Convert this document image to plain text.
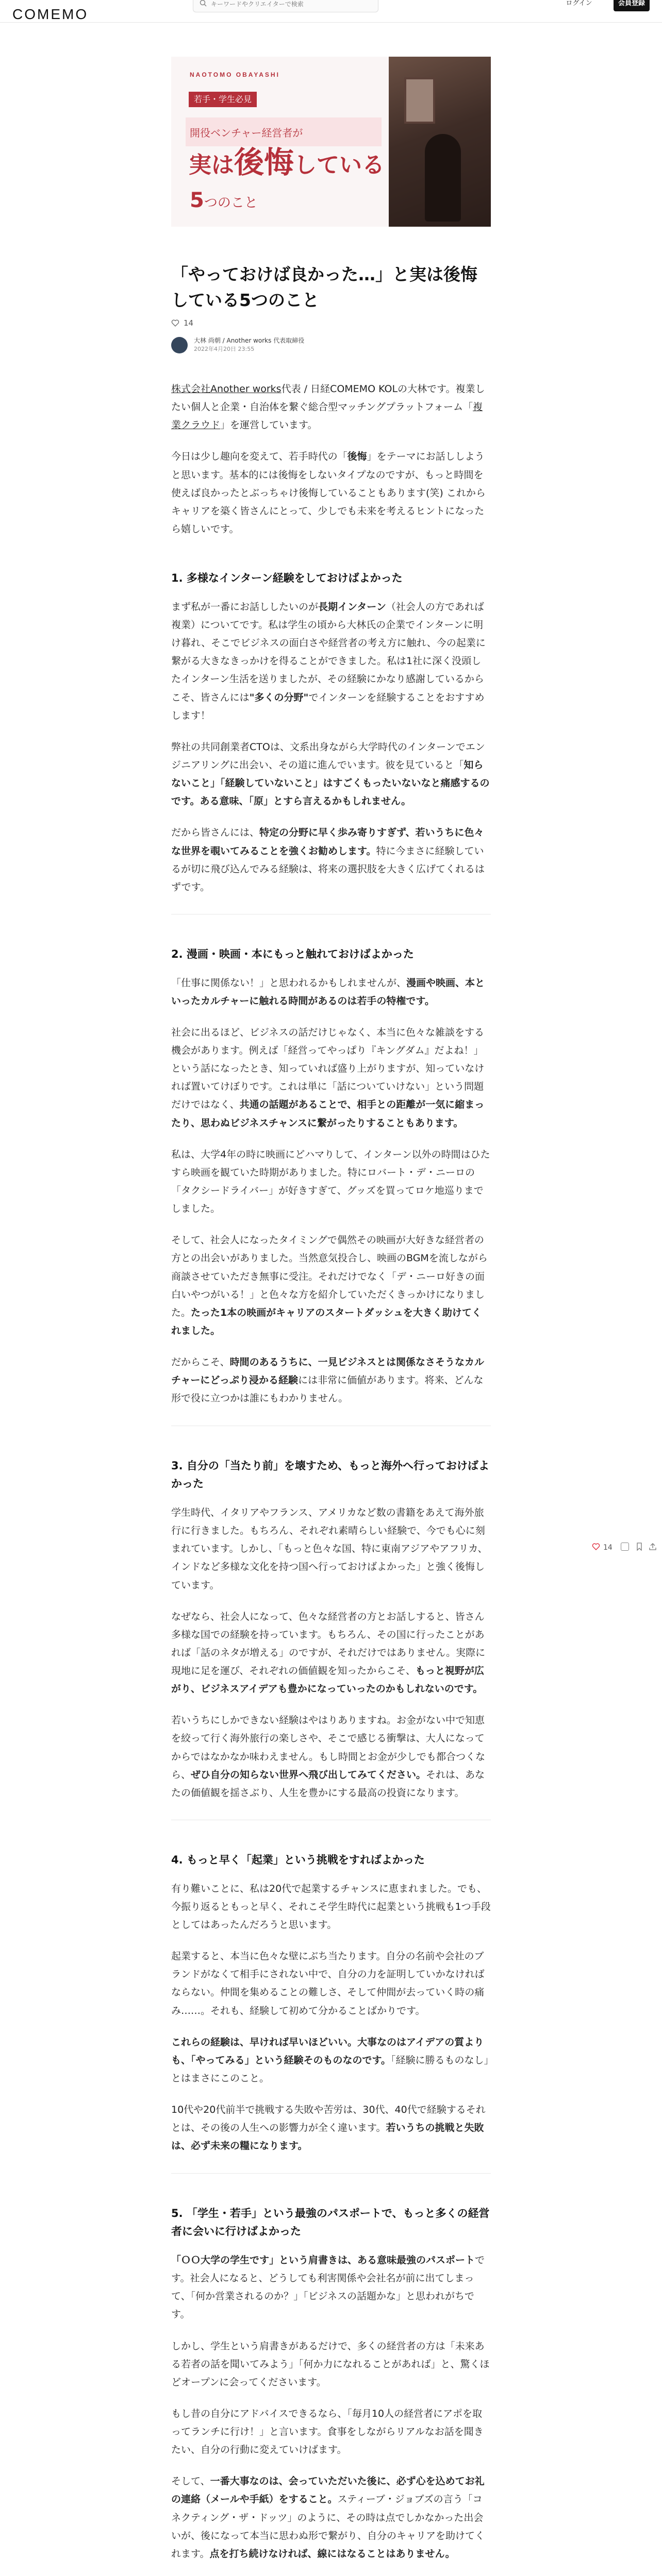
COMEMO
キーワードやクリエイターで検索
ログイン	会員登録
NAOTOMO OBAYASHI
若手・学生必見
開役ベンチャー経営者が
実は後悔している
5つのこと
「やっておけば良かった…」と実は後悔している5つのこと
14
大林 尚朝 / Another works 代表取締役
2022年4月20日 23:55

株式会社Another works代表 / 日経COMEMO KOLの大林です。複業したい個人と企業・自治体を繋ぐ総合型マッチングプラットフォーム「複業クラウド」を運営しています。

今日は少し趣向を変えて、若手時代の「後悔」をテーマにお話ししようと思います。基本的には後悔をしないタイプなのですが、もっと時間を使えば良かったとぶっちゃけ後悔していることもあります(笑) これからキャリアを築く皆さんにとって、少しでも未来を考えるヒントになったら嬉しいです。

1. 多様なインターン経験をしておけばよかった

まず私が一番にお話ししたいのが長期インターン（社会人の方であれば複業）についてです。私は学生の頃から大林氏の企業でインターンに明け暮れ、そこでビジネスの面白さや経営者の考え方に触れ、今の起業に繋がる大きなきっかけを得ることができました。私は1社に深く没頭したインターン生活を送りましたが、その経験にかなり感謝しているからこそ、皆さんには"多くの分野"でインターンを経験することをおすすめします！

弊社の共同創業者CTOは、文系出身ながら大学時代のインターンでエンジニアリングに出会い、その道に進んでいます。彼を見ていると「知らないこと」「経験していないこと」はすごくもったいないなと痛感するのです。ある意味、「原」とすら言えるかもしれません。

だから皆さんには、特定の分野に早く歩み寄りすぎず、若いうちに色々な世界を覗いてみることを強くお勧めします。特に今まさに経験しているが切に飛び込んでみる経験は、将来の選択肢を大きく広げてくれるはずです。

2. 漫画・映画・本にもっと触れておけばよかった

「仕事に関係ない！」と思われるかもしれませんが、漫画や映画、本といったカルチャーに触れる時間があるのは若手の特権です。

社会に出るほど、ビジネスの話だけじゃなく、本当に色々な雑談をする機会があります。例えば「経営ってやっぱり『キングダム』だよね！」という話になったとき、知っていれば盛り上がりますが、知っていなければ置いてけぼりです。これは単に「話についていけない」という問題だけではなく、共通の話題があることで、相手との距離が一気に縮まったり、思わぬビジネスチャンスに繋がったりすることもあります。

私は、大学4年の時に映画にどハマりして、インターン以外の時間はひたすら映画を観ていた時期がありました。特にロバート・デ・ニーロの「タクシードライバー」が好きすぎて、グッズを買ってロケ地巡りまでしました。

そして、社会人になったタイミングで偶然その映画が大好きな経営者の方との出会いがありました。当然意気投合し、映画のBGMを流しながら商談させていただき無事に受注。それだけでなく「デ・ニーロ好きの面白いやつがいる！」と色々な方を紹介していただくきっかけになりました。たった1本の映画がキャリアのスタートダッシュを大きく助けてくれました。

だからこそ、時間のあるうちに、一見ビジネスとは関係なさそうなカルチャーにどっぷり浸かる経験には非常に価値があります。将来、どんな形で役に立つかは誰にもわかりません。

3. 自分の「当たり前」を壊すため、もっと海外へ行っておけばよかった

学生時代、イタリアやフランス、アメリカなど数の書籍をあえて海外旅行に行きました。もちろん、それぞれ素晴らしい経験で、今でも心に刻まれています。しかし、「もっと色々な国、特に東南アジアやアフリカ、インドなど多様な文化を持つ国へ行っておけばよかった」と強く後悔しています。

なぜなら、社会人になって、色々な経営者の方とお話しすると、皆さん多様な国での経験を持っています。もちろん、その国に行ったことがあれば「話のネタが増える」のですが、それだけではありません。実際に現地に足を運び、それぞれの価値観を知ったからこそ、もっと視野が広がり、ビジネスアイデアも豊かになっていったのかもしれないのです。

若いうちにしかできない経験はやはりありますね。お金がない中で知恵を絞って行く海外旅行の楽しさや、そこで感じる衝撃は、大人になってからではなかなか味わえません。もし時間とお金が少しでも都合つくなら、ぜひ自分の知らない世界へ飛び出してみてください。それは、あなたの価値観を揺さぶり、人生を豊かにする最高の投資になります。

4. もっと早く「起業」という挑戦をすればよかった

有り難いことに、私は20代で起業するチャンスに恵まれました。でも、今振り返るともっと早く、それこそ学生時代に起業という挑戦も1つ手段としてはあったんだろうと思います。

起業すると、本当に色々な壁にぶち当たります。自分の名前や会社のブランドがなくて相手にされない中で、自分の力を証明していかなければならない。仲間を集めることの難しさ、そして仲間が去っていく時の痛み……。それも、経験して初めて分かることばかりです。

これらの経験は、早ければ早いほどいい。大事なのはアイデアの質よりも、「やってみる」という経験そのものなのです。「経験に勝るものなし」とはまさにこのこと。

10代や20代前半で挑戦する失敗や苦労は、30代、40代で経験するそれとは、その後の人生への影響力が全く違います。若いうちの挑戦と失敗は、必ず未来の糧になります。

5. 「学生・若手」という最強のパスポートで、もっと多くの経営者に会いに行けばよかった

「ＯＯ大学の学生です」という肩書きは、ある意味最強のパスポートです。社会人になると、どうしても利害関係や会社名が前に出てしまって、「何か営業されるのか？」「ビジネスの話題かな」と思われがちです。

しかし、学生という肩書きがあるだけで、多くの経営者の方は「未来ある若者の話を聞いてみよう」「何か力になれることがあれば」と、驚くほどオープンに会ってくださいます。

もし昔の自分にアドバイスできるなら、「毎月10人の経営者にアポを取ってランチに行け！」と言います。食事をしながらリアルなお話を聞きたい、自分の行動に変えていけばます。

そして、一番大事なのは、会っていただいた後に、必ず心を込めてお礼の連絡（メールや手紙）をすること。スティーブ・ジョブズの言う「コネクティング・ザ・ドッツ」のように、その時は点でしかなかった出会いが、後になって本当に思わぬ形で繋がり、自分のキャリアを助けてくれます。点を打ち続けなければ、線にはなることはありません。

14
